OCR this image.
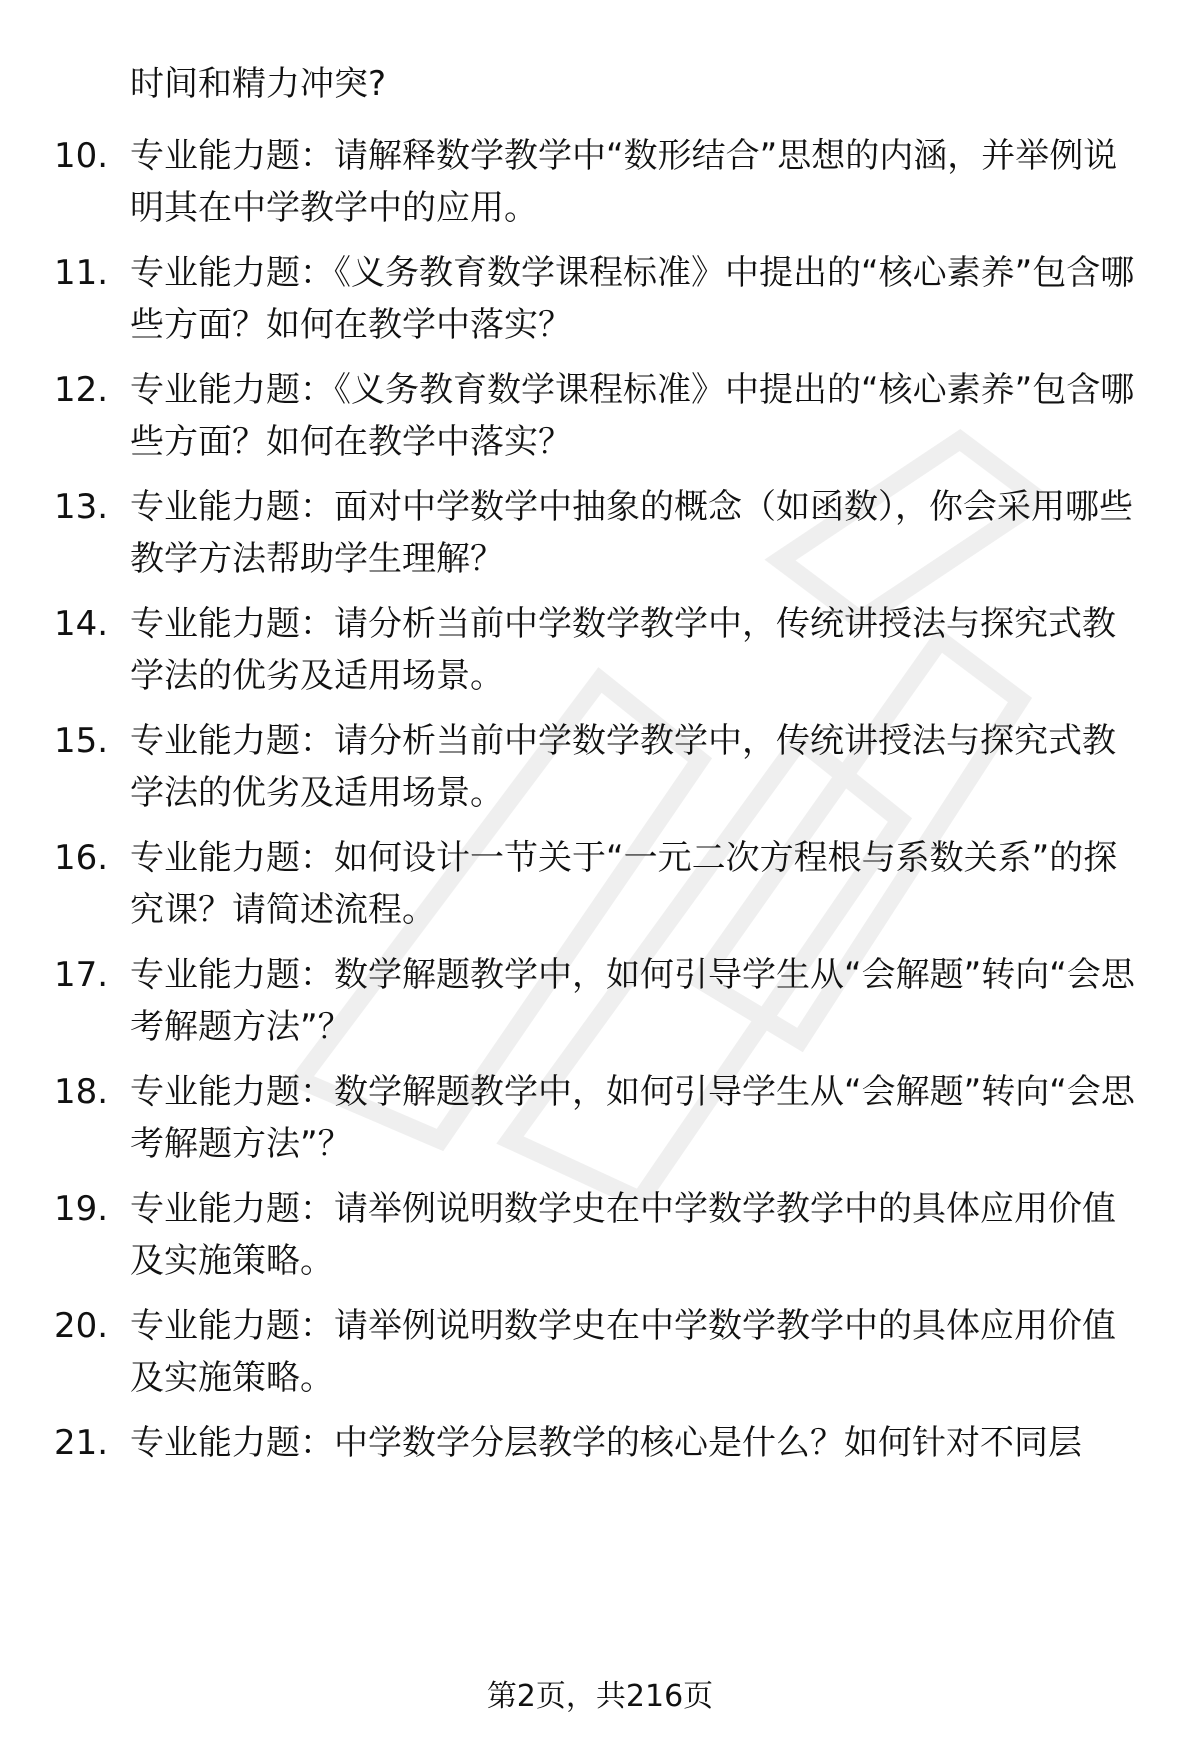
时间和精力冲突?

10. 专业能力题：请解释数学教学中“数形结合”思想的内涵，并举例说明其在中学教学中的应用。
11. 专业能力题：《义务教育数学课程标准》中提出的“核心素养”包含哪些方面？如何在教学中落实？
12. 专业能力题：《义务教育数学课程标准》中提出的“核心素养”包含哪些方面？如何在教学中落实？
13. 专业能力题：面对中学数学中抽象的概念（如函数），你会采用哪些教学方法帮助学生理解？
14. 专业能力题：请分析当前中学数学教学中，传统讲授法与探究式教学法的优劣及适用场景。
15. 专业能力题：请分析当前中学数学教学中，传统讲授法与探究式教学法的优劣及适用场景。
16. 专业能力题：如何设计一节关于“一元二次方程根与系数关系”的探究课？请简述流程。
17. 专业能力题：数学解题教学中，如何引导学生从“会解题”转向“会思考解题方法”？
18. 专业能力题：数学解题教学中，如何引导学生从“会解题”转向“会思考解题方法”？
19. 专业能力题：请举例说明数学史在中学数学教学中的具体应用价值及实施策略。
20. 专业能力题：请举例说明数学史在中学数学教学中的具体应用价值及实施策略。
21. 专业能力题：中学数学分层教学的核心是什么？如何针对不同层
第2页，共216页
